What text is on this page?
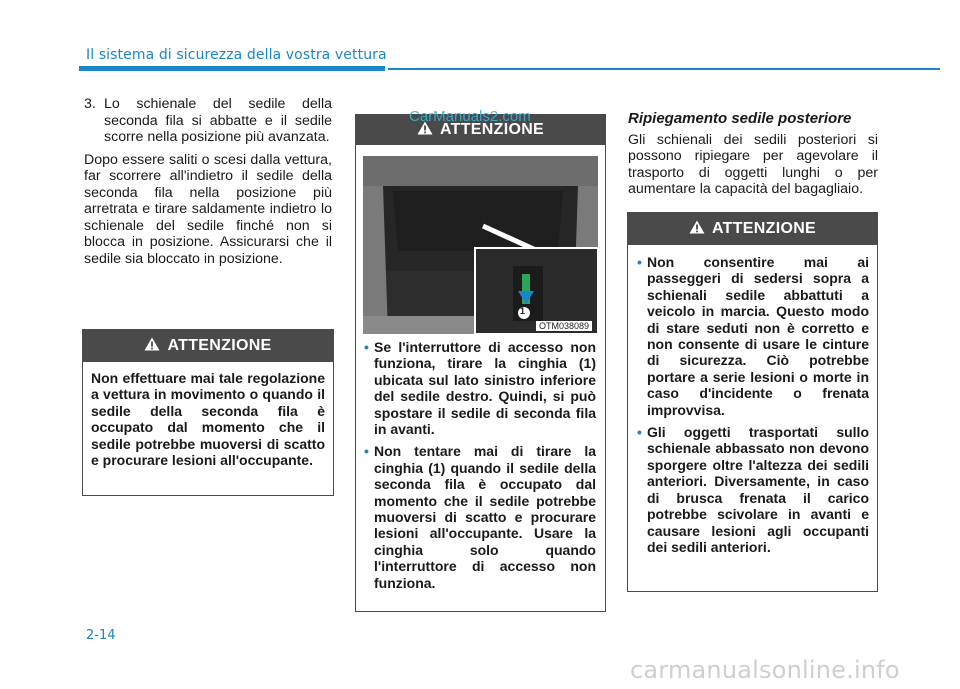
Il sistema di sicurezza della vostra vettura
3. Lo schienale del sedile della seconda fila si abbatte e il sedile scorre nella posizione più avanzata.

Dopo essere saliti o scesi dalla vettura, far scorrere all'indietro il sedile della seconda fila nella posizione più arretrata e tirare saldamente indietro lo schienale del sedile finché non si blocca in posizione. Assicurarsi che il sedile sia bloccato in posizione.

ATTENZIONE
Non effettuare mai tale regolazione a vettura in movimento o quando il sedile della seconda fila è occupato dal momento che il sedile potrebbe muoversi di scatto e procurare lesioni all'occupante.
ATTENZIONE
• Se l'interruttore di accesso non funziona, tirare la cinghia (1) ubicata sul lato sinistro inferiore del sedile destro. Quindi, si può spostare il sedile di seconda fila in avanti.
• Non tentare mai di tirare la cinghia (1) quando il sedile della seconda fila è occupato dal momento che il sedile potrebbe muoversi di scatto e procurare lesioni all'occupante. Usare la cinghia solo quando l'interruttore di accesso non funziona.
1
OTM038089
CarManuals2.com	Ripiegamento sedile posteriore

Gli schienali dei sedili posteriori si possono ripiegare per agevolare il trasporto di oggetti lunghi o per aumentare la capacità del bagagliaio.

ATTENZIONE
• Non consentire mai ai passeggeri di sedersi sopra a schienali sedile abbattuti a veicolo in marcia. Questo modo di stare seduti non è corretto e non consente di usare le cinture di sicurezza. Ciò potrebbe portare a serie lesioni o morte in caso d'incidente o frenata improvvisa.
• Gli oggetti trasportati sullo schienale abbassato non devono sporgere oltre l'altezza dei sedili anteriori. Diversamente, in caso di brusca frenata il carico potrebbe scivolare in avanti e causare lesioni agli occupanti dei sedili anteriori.
2-14
carmanualsonline.info
